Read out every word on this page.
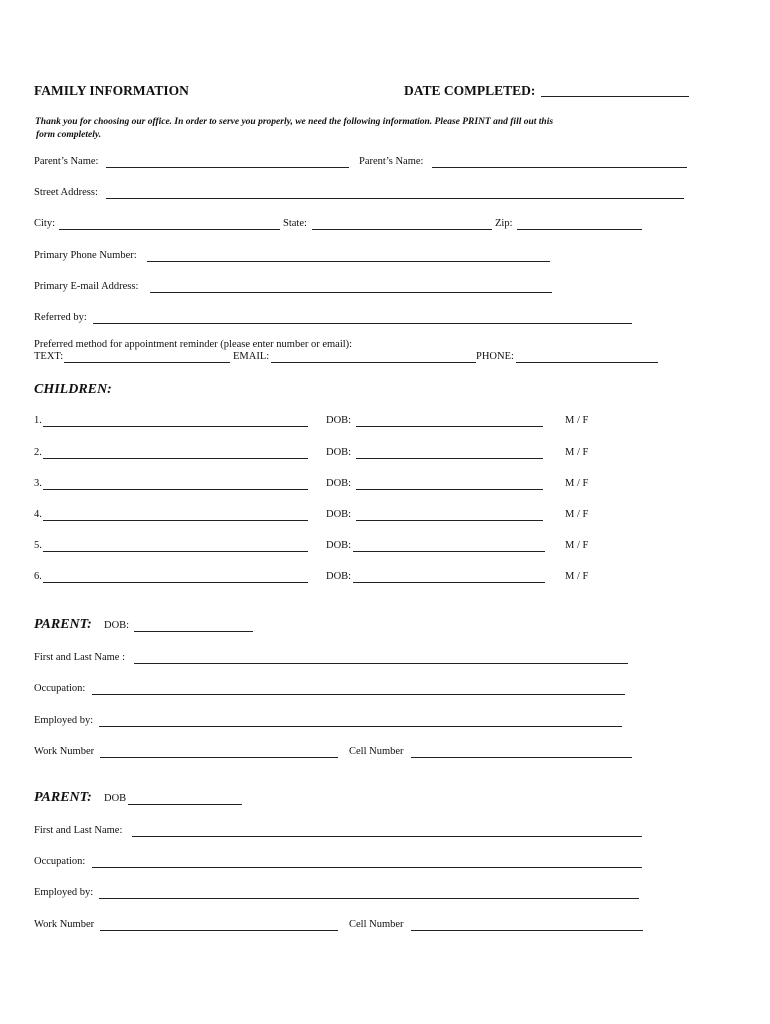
FAMILY INFORMATION	DATE COMPLETED:
Thank you for choosing our office. In order to serve you properly, we need the following information. Please PRINT and fill out this
form completely.
Parent’s Name:	Parent’s Name:
Street Address:
City:	State:	Zip:
Primary Phone Number:
Primary E-mail Address:
Referred by:
Preferred method for appointment reminder (please enter number or email):
TEXT:	EMAIL:	PHONE:
CHILDREN:
1.	DOB:	M / F
2.	DOB:	M / F
3.	DOB:	M / F
4.	DOB:	M / F
5.	DOB:	M / F
6.	DOB:	M / F
PARENT: DOB:
First and Last Name :
Occupation:
Employed by:
Work Number	Cell Number
PARENT: DOB
First and Last Name:
Occupation:
Employed by:
Work Number	Cell Number
